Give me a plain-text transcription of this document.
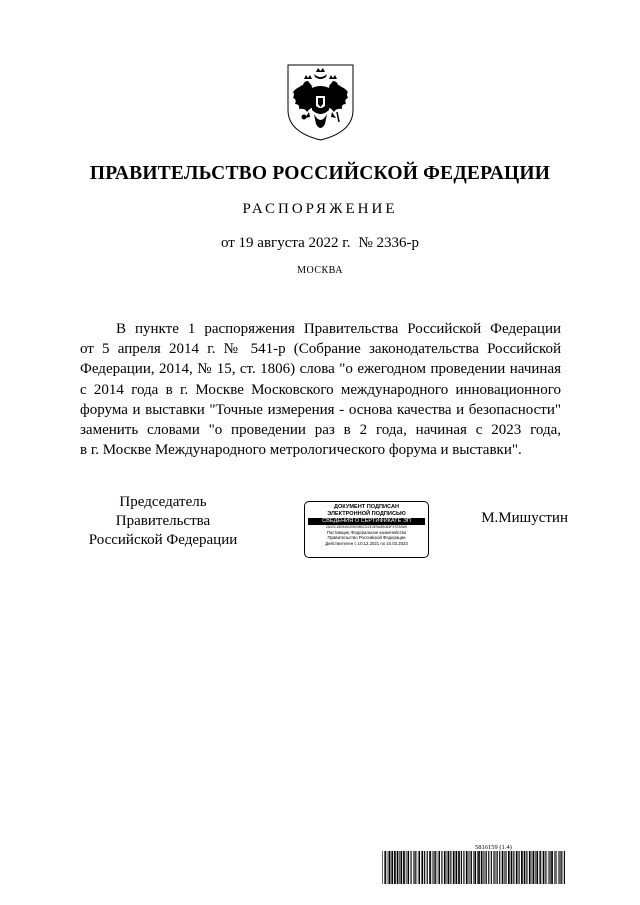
ПРАВИТЕЛЬСТВО РОССИЙСКОЙ ФЕДЕРАЦИИ
РАСПОРЯЖЕНИЕ
от 19 августа 2022 г. № 2336-р
МОСКВА
В пункте 1 распоряжения Правительства Российской Федерации
от 5 апреля 2014 г. № 541-р (Собрание законодательства Российской
Федерации, 2014, № 15, ст. 1806) слова "о ежегодном проведении начиная
с 2014 года в г. Москве Московского международного инновационного
форума и выставки "Точные измерения - основа качества и безопасности"
заменить словами "о проведении раз в 2 года, начиная с 2023 года,
в г. Москве Международного метрологического форума и выставки".
Председатель Правительства
Российской Федерации
ДОКУМЕНТ ПОДПИСАН
ЭЛЕКТРОННОЙ ПОДПИСЬЮ
СВЕДЕНИЯ О СЕРТИФИКАТЕ ЭП
2A00C1805451E5E08BCD2E4E9A6B063F47EA5A9
Поставщик: Федеральное казначейство
Правительство Российской Федерации
Действителен с 10.12.2021 по 10.03.2023
М.Мишустин
5816159 (1.4)
